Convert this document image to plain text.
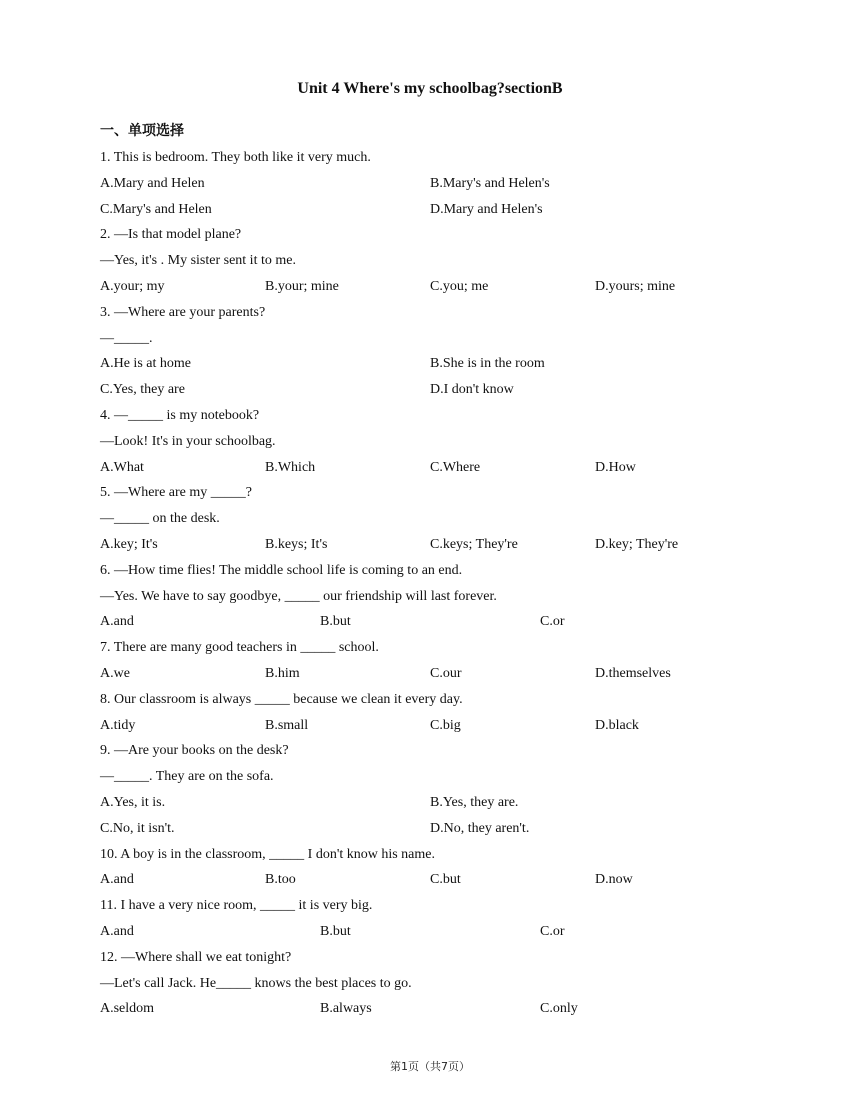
Unit 4 Where's my schoolbag?sectionB
一、单项选择
1. This is bedroom. They both like it very much.
A.Mary and Helen	B.Mary's and Helen's
C.Mary's and Helen	D.Mary and Helen's
2. —Is that model plane?
—Yes, it's . My sister sent it to me.
A.your; my	B.your; mine	C.you; me	D.yours; mine
3. —Where are your parents?
—_____.
A.He is at home	B.She is in the room
C.Yes, they are	D.I don't know
4. —_____ is my notebook?
—Look! It's in your schoolbag.
A.What	B.Which	C.Where	D.How
5. —Where are my _____?
—_____ on the desk.
A.key; It's	B.keys; It's	C.keys; They're	D.key; They're
6. —How time flies! The middle school life is coming to an end.
—Yes. We have to say goodbye, _____ our friendship will last forever.
A.and	B.but	C.or
7. There are many good teachers in _____ school.
A.we	B.him	C.our	D.themselves
8. Our classroom is always _____ because we clean it every day.
A.tidy	B.small	C.big	D.black
9. —Are your books on the desk?
—_____. They are on the sofa.
A.Yes, it is.	B.Yes, they are.
C.No, it isn't.	D.No, they aren't.
10. A boy is in the classroom, _____ I don't know his name.
A.and	B.too	C.but	D.now
11. I have a very nice room, _____ it is very big.
A.and	B.but	C.or
12. —Where shall we eat tonight?
—Let's call Jack. He_____ knows the best places to go.
A.seldom	B.always	C.only
第1页（共7页）
